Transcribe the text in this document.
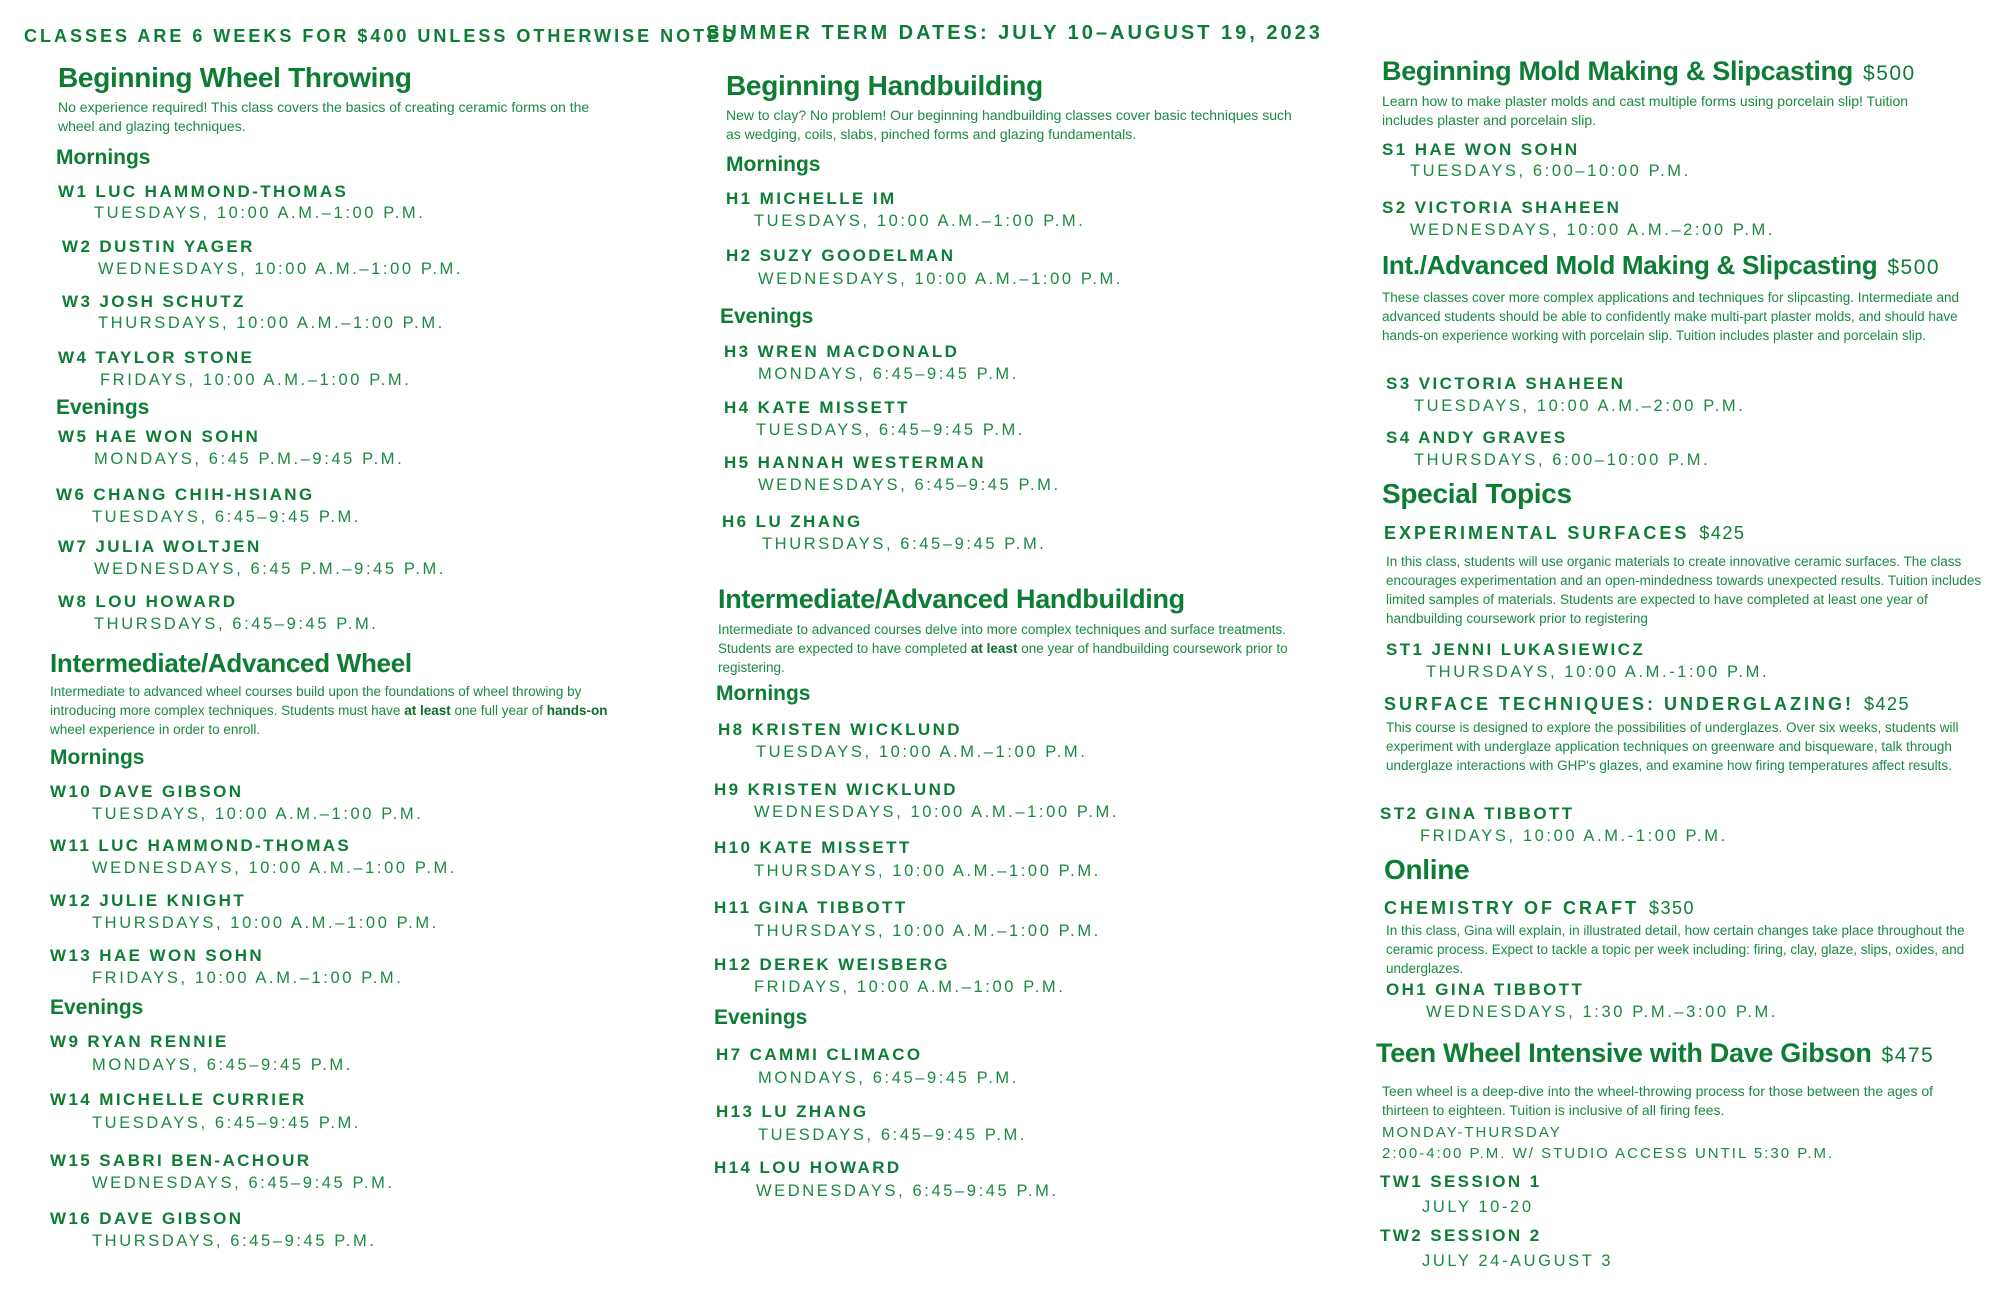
CLASSES ARE 6 WEEKS FOR $400 UNLESS OTHERWISE NOTED
Beginning Wheel Throwing
No experience required! This class covers the basics of creating ceramic forms on the wheel and glazing techniques.
Mornings
W1 LUC HAMMOND-THOMAS
TUESDAYS, 10:00 A.M.–1:00 P.M.
W2 DUSTIN YAGER
WEDNESDAYS, 10:00 A.M.–1:00 P.M.
W3 JOSH SCHUTZ
THURSDAYS, 10:00 A.M.–1:00 P.M.
W4 TAYLOR STONE
FRIDAYS, 10:00 A.M.–1:00 P.M.
Evenings
W5 HAE WON SOHN
MONDAYS, 6:45 P.M.–9:45 P.M.
W6 CHANG CHIH-HSIANG
TUESDAYS, 6:45–9:45 P.M.
W7 JULIA WOLTJEN
WEDNESDAYS, 6:45 P.M.–9:45 P.M.
W8 LOU HOWARD
THURSDAYS, 6:45–9:45 P.M.
Intermediate/Advanced Wheel
Intermediate to advanced wheel courses build upon the foundations of wheel throwing by introducing more complex techniques. Students must have at least one full year of hands-on wheel experience in order to enroll.
Mornings
W10 DAVE GIBSON
TUESDAYS, 10:00 A.M.–1:00 P.M.
W11 LUC HAMMOND-THOMAS
WEDNESDAYS, 10:00 A.M.–1:00 P.M.
W12 JULIE KNIGHT
THURSDAYS, 10:00 A.M.–1:00 P.M.
W13 HAE WON SOHN
FRIDAYS, 10:00 A.M.–1:00 P.M.
Evenings
W9 RYAN RENNIE
MONDAYS, 6:45–9:45 P.M.
W14 MICHELLE CURRIER
TUESDAYS, 6:45–9:45 P.M.
W15 SABRI BEN-ACHOUR
WEDNESDAYS, 6:45–9:45 P.M.
W16 DAVE GIBSON
THURSDAYS, 6:45–9:45 P.M.
SUMMER TERM DATES: JULY 10–AUGUST 19, 2023
Beginning Handbuilding
New to clay? No problem! Our beginning handbuilding classes cover basic techniques such as wedging, coils, slabs, pinched forms and glazing fundamentals.
Mornings
H1 MICHELLE IM
TUESDAYS, 10:00 A.M.–1:00 P.M.
H2 SUZY GOODELMAN
WEDNESDAYS, 10:00 A.M.–1:00 P.M.
Evenings
H3 WREN MACDONALD
MONDAYS, 6:45–9:45 P.M.
H4 KATE MISSETT
TUESDAYS, 6:45–9:45 P.M.
H5 HANNAH WESTERMAN
WEDNESDAYS, 6:45–9:45 P.M.
H6 LU ZHANG
THURSDAYS, 6:45–9:45 P.M.
Intermediate/Advanced Handbuilding
Intermediate to advanced courses delve into more complex techniques and surface treatments. Students are expected to have completed at least one year of handbuilding coursework prior to registering.
Mornings
H8 KRISTEN WICKLUND
TUESDAYS, 10:00 A.M.–1:00 P.M.
H9 KRISTEN WICKLUND
WEDNESDAYS, 10:00 A.M.–1:00 P.M.
H10 KATE MISSETT
THURSDAYS, 10:00 A.M.–1:00 P.M.
H11 GINA TIBBOTT
THURSDAYS, 10:00 A.M.–1:00 P.M.
H12 DEREK WEISBERG
FRIDAYS, 10:00 A.M.–1:00 P.M.
Evenings
H7 CAMMI CLIMACO
MONDAYS, 6:45–9:45 P.M.
H13 LU ZHANG
TUESDAYS, 6:45–9:45 P.M.
H14 LOU HOWARD
WEDNESDAYS, 6:45–9:45 P.M.
Beginning Mold Making & Slipcasting $500
Learn how to make plaster molds and cast multiple forms using porcelain slip! Tuition includes plaster and porcelain slip.
S1 HAE WON SOHN
TUESDAYS, 6:00–10:00 P.M.
S2 VICTORIA SHAHEEN
WEDNESDAYS, 10:00 A.M.–2:00 P.M.
Int./Advanced Mold Making & Slipcasting $500
These classes cover more complex applications and techniques for slipcasting. Intermediate and advanced students should be able to confidently make multi-part plaster molds, and should have hands-on experience working with porcelain slip. Tuition includes plaster and porcelain slip.
S3 VICTORIA SHAHEEN
TUESDAYS, 10:00 A.M.–2:00 P.M.
S4 ANDY GRAVES
THURSDAYS, 6:00–10:00 P.M.
Special Topics
EXPERIMENTAL SURFACES $425
In this class, students will use organic materials to create innovative ceramic surfaces. The class encourages experimentation and an open-mindedness towards unexpected results. Tuition includes limited samples of materials. Students are expected to have completed at least one year of handbuilding coursework prior to registering
ST1 JENNI LUKASIEWICZ
THURSDAYS, 10:00 A.M.-1:00 P.M.
SURFACE TECHNIQUES: UNDERGLAZING! $425
This course is designed to explore the possibilities of underglazes. Over six weeks, students will experiment with underglaze application techniques on greenware and bisqueware, talk through underglaze interactions with GHP's glazes, and examine how firing temperatures affect results.
ST2 GINA TIBBOTT
FRIDAYS, 10:00 A.M.-1:00 P.M.
Online
CHEMISTRY OF CRAFT $350
In this class, Gina will explain, in illustrated detail, how certain changes take place throughout the ceramic process. Expect to tackle a topic per week including: firing, clay, glaze, slips, oxides, and underglazes.
OH1 GINA TIBBOTT
WEDNESDAYS, 1:30 P.M.–3:00 P.M.
Teen Wheel Intensive with Dave Gibson $475
Teen wheel is a deep-dive into the wheel-throwing process for those between the ages of thirteen to eighteen. Tuition is inclusive of all firing fees.
MONDAY-THURSDAY
2:00-4:00 P.M. W/ STUDIO ACCESS UNTIL 5:30 P.M.
TW1 SESSION 1
JULY 10-20
TW2 SESSION 2
JULY 24-AUGUST 3
